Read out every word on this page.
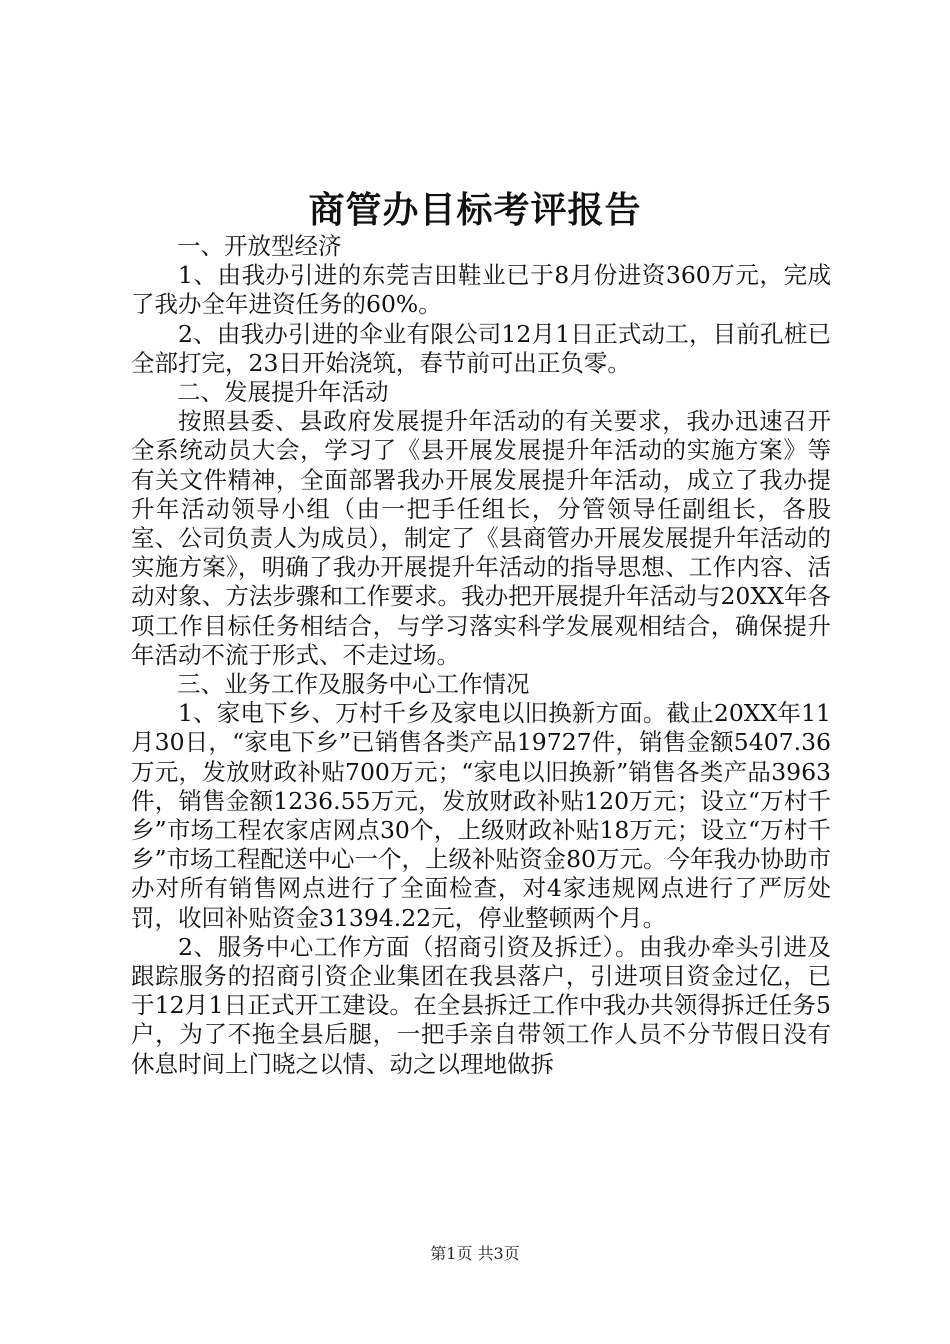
商管办目标考评报告
一、开放型经济

1、由我办引进的东莞吉田鞋业已于8月份进资360万元，完成了我办全年进资任务的60%。

2、由我办引进的伞业有限公司12月1日正式动工，目前孔桩已全部打完，23日开始浇筑，春节前可出正负零。

二、发展提升年活动

按照县委、县政府发展提升年活动的有关要求，我办迅速召开全系统动员大会，学习了《县开展发展提升年活动的实施方案》等有关文件精神，全面部署我办开展发展提升年活动，成立了我办提升年活动领导小组（由一把手任组长，分管领导任副组长，各股室、公司负责人为成员），制定了《县商管办开展发展提升年活动的实施方案》，明确了我办开展提升年活动的指导思想、工作内容、活动对象、方法步骤和工作要求。我办把开展提升年活动与20XX年各项工作目标任务相结合，与学习落实科学发展观相结合，确保提升年活动不流于形式、不走过场。

三、业务工作及服务中心工作情况

1、家电下乡、万村千乡及家电以旧换新方面。截止20XX年11月30日，“家电下乡”已销售各类产品19727件，销售金额5407.36万元，发放财政补贴700万元；“家电以旧换新”销售各类产品3963件，销售金额1236.55万元，发放财政补贴120万元；设立“万村千乡”市场工程农家店网点30个，上级财政补贴18万元；设立“万村千乡”市场工程配送中心一个，上级补贴资金80万元。今年我办协助市办对所有销售网点进行了全面检查，对4家违规网点进行了严厉处罚，收回补贴资金31394.22元，停业整顿两个月。

2、服务中心工作方面（招商引资及拆迁）。由我办牵头引进及跟踪服务的招商引资企业集团在我县落户，引进项目资金过亿，已于12月1日正式开工建设。在全县拆迁工作中我办共领得拆迁任务5户，为了不拖全县后腿，一把手亲自带领工作人员不分节假日没有休息时间上门晓之以情、动之以理地做拆

第1页 共3页
